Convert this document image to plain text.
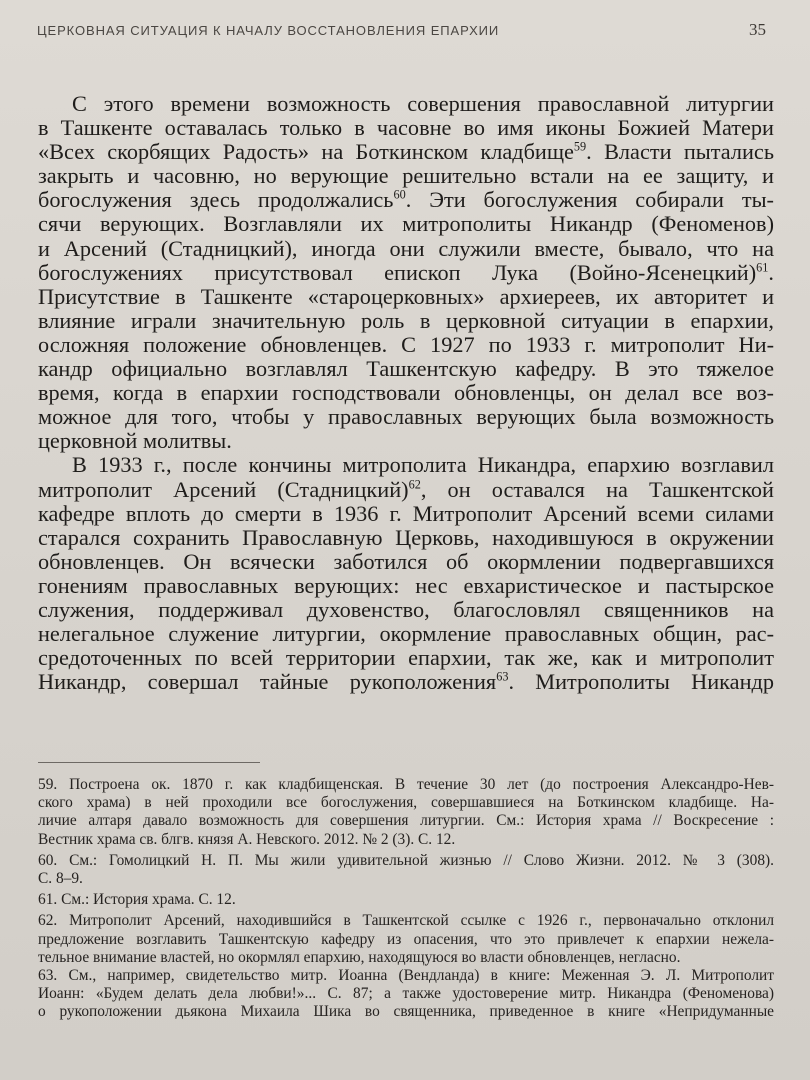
ЦЕРКОВНАЯ СИТУАЦИЯ К НАЧАЛУ ВОССТАНОВЛЕНИЯ ЕПАРХИИ	35

С этого времени возможность совершения православной литургии
в Ташкенте оставалась только в часовне во имя иконы Божией Матери
«Всех скорбящих Радость» на Боткинском кладбище$^{59}$. Власти пытались
закрыть и часовню, но верующие решительно встали на ее защиту, и
богослужения здесь продолжались$^{60}$. Эти богослужения собирали ты-
сячи верующих. Возглавляли их митрополиты Никандр (Феноменов)
и Арсений (Стадницкий), иногда они служили вместе, бывало, что на
богослужениях присутствовал епископ Лука (Войно-Ясенецкий)$^{61}$.
Присутствие в Ташкенте «староцерковных» архиереев, их авторитет и
влияние играли значительную роль в церковной ситуации в епархии,
осложняя положение обновленцев. С 1927 по 1933 г. митрополит Ни-
кандр официально возглавлял Ташкентскую кафедру. В это тяжелое
время, когда в епархии господствовали обновленцы, он делал все воз-
можное для того, чтобы у православных верующих была возможность
церковной молитвы.

В 1933 г., после кончины митрополита Никандра, епархию возглавил
митрополит Арсений (Стадницкий)$^{62}$, он оставался на Ташкентской
кафедре вплоть до смерти в 1936 г. Митрополит Арсений всеми силами
старался сохранить Православную Церковь, находившуюся в окружении
обновленцев. Он всячески заботился об окормлении подвергавшихся
гонениям православных верующих: нес евхаристическое и пастырское
служения, поддерживал духовенство, благословлял священников на
нелегальное служение литургии, окормление православных общин, рас-
средоточенных по всей территории епархии, так же, как и митрополит
Никандр, совершал тайные рукоположения$^{63}$. Митрополиты Никандр

59. Построена ок. 1870 г. как кладбищенская. В течение 30 лет (до построения Александро-Нев-
ского храма) в ней проходили все богослужения, совершавшиеся на Боткинском кладбище. На-
личие алтаря давало возможность для совершения литургии. См.: История храма // Воскресение :
Вестник храма св. блгв. князя А. Невского. 2012. № 2 (3). С. 12.
60. См.: Гомолицкий Н. П. Мы жили удивительной жизнью // Слово Жизни. 2012. № 3 (308).
С. 8–9.
61. См.: История храма. С. 12.
62. Митрополит Арсений, находившийся в Ташкентской ссылке с 1926 г., первоначально отклонил
предложение возглавить Ташкентскую кафедру из опасения, что это привлечет к епархии нежела-
тельное внимание властей, но окормлял епархию, находящуюся во власти обновленцев, негласно.
63. См., например, свидетельство митр. Иоанна (Вендланда) в книге: Меженная Э. Л. Митрополит
Иоанн: «Будем делать дела любви!»... С. 87; а также удостоверение митр. Никандра (Феноменова)
о рукоположении дьякона Михаила Шика во священника, приведенное в книге «Непридуманные
